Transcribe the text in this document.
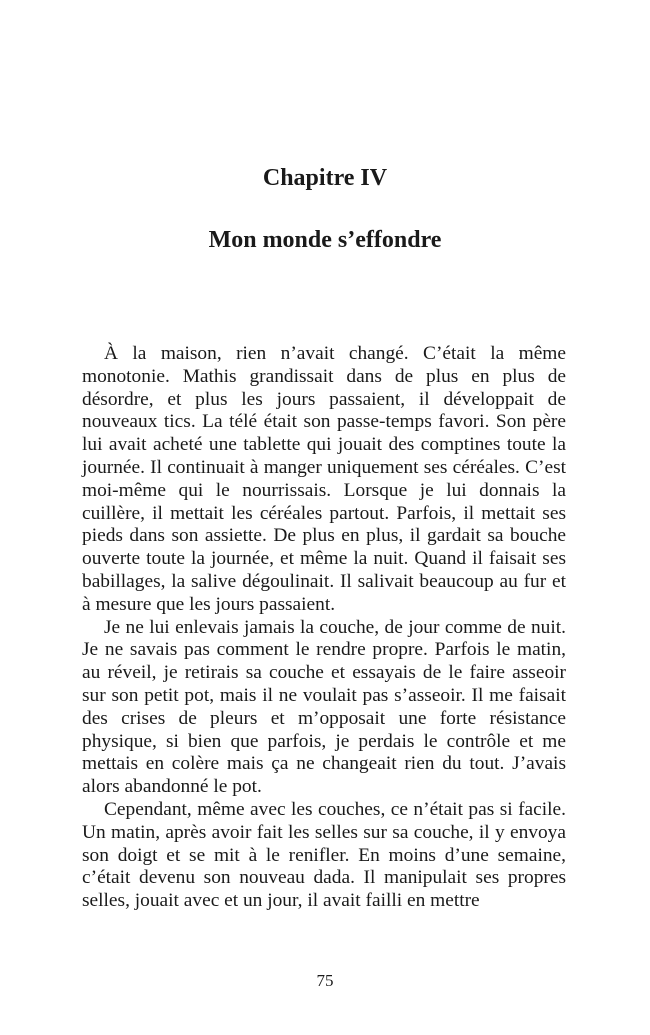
Chapitre IV
Mon monde s’effondre

À la maison, rien n’avait changé. C’était la même monotonie. Mathis grandissait dans de plus en plus de désordre, et plus les jours passaient, il développait de nouveaux tics. La télé était son passe-temps favori. Son père lui avait acheté une tablette qui jouait des comptines toute la journée. Il continuait à manger uniquement ses céréales. C’est moi-même qui le nourrissais. Lorsque je lui donnais la cuillère, il mettait les céréales partout. Parfois, il mettait ses pieds dans son assiette. De plus en plus, il gardait sa bouche ouverte toute la journée, et même la nuit. Quand il faisait ses babillages, la salive dégoulinait. Il salivait beaucoup au fur et à mesure que les jours passaient.

Je ne lui enlevais jamais la couche, de jour comme de nuit. Je ne savais pas comment le rendre propre. Parfois le matin, au réveil, je retirais sa couche et essayais de le faire asseoir sur son petit pot, mais il ne voulait pas s’asseoir. Il me faisait des crises de pleurs et m’opposait une forte résistance physique, si bien que parfois, je perdais le contrôle et me mettais en colère mais ça ne changeait rien du tout. J’avais alors abandonné le pot.

Cependant, même avec les couches, ce n’était pas si facile. Un matin, après avoir fait les selles sur sa couche, il y envoya son doigt et se mit à le renifler. En moins d’une semaine, c’était devenu son nouveau dada. Il manipulait ses propres selles, jouait avec et un jour, il avait failli en mettre

75
